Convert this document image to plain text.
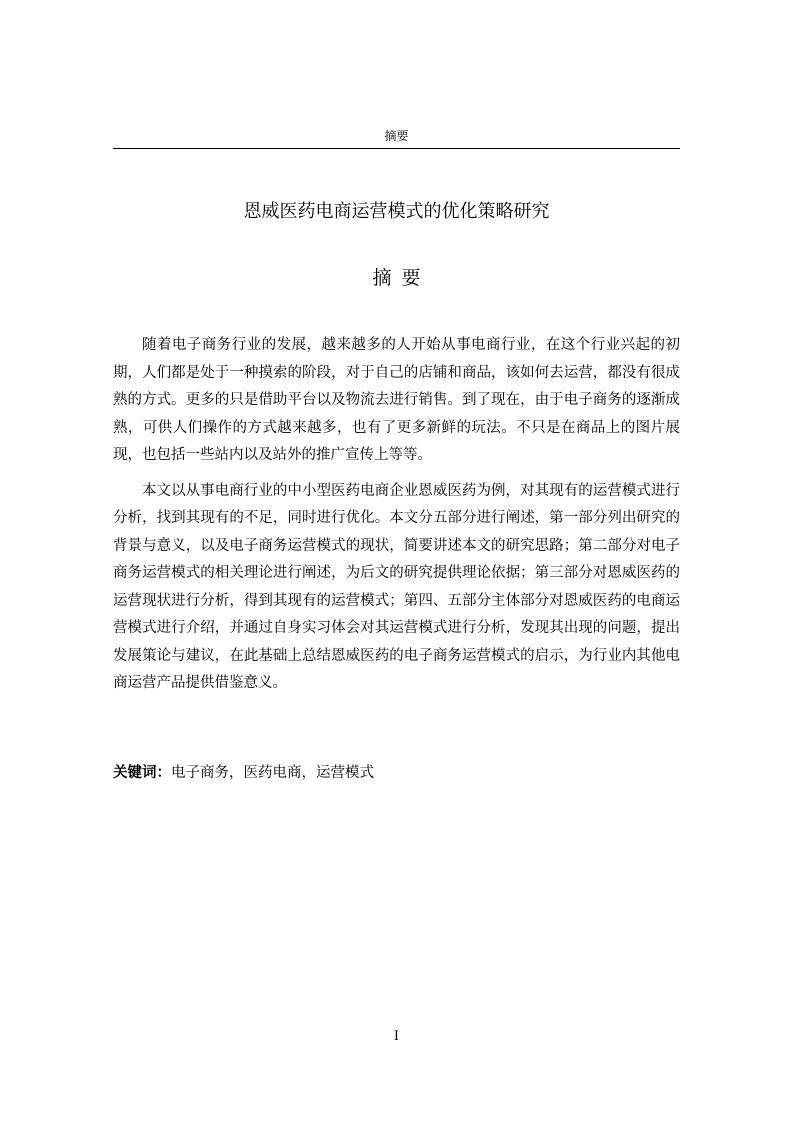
摘要
恩威医药电商运营模式的优化策略研究
摘要

随着电子商务行业的发展，越来越多的人开始从事电商行业，在这个行业兴起的初期，人们都是处于一种摸索的阶段，对于自己的店铺和商品，该如何去运营，都没有很成熟的方式。更多的只是借助平台以及物流去进行销售。到了现在，由于电子商务的逐渐成熟，可供人们操作的方式越来越多，也有了更多新鲜的玩法。不只是在商品上的图片展现，也包括一些站内以及站外的推广宣传上等等。

本文以从事电商行业的中小型医药电商企业恩威医药为例，对其现有的运营模式进行分析，找到其现有的不足，同时进行优化。本文分五部分进行阐述，第一部分列出研究的背景与意义，以及电子商务运营模式的现状，简要讲述本文的研究思路；第二部分对电子商务运营模式的相关理论进行阐述，为后文的研究提供理论依据；第三部分对恩威医药的运营现状进行分析，得到其现有的运营模式；第四、五部分主体部分对恩威医药的电商运营模式进行介绍，并通过自身实习体会对其运营模式进行分析，发现其出现的问题，提出发展策论与建议，在此基础上总结恩威医药的电子商务运营模式的启示，为行业内其他电商运营产品提供借鉴意义。

关键词：电子商务，医药电商，运营模式
I
